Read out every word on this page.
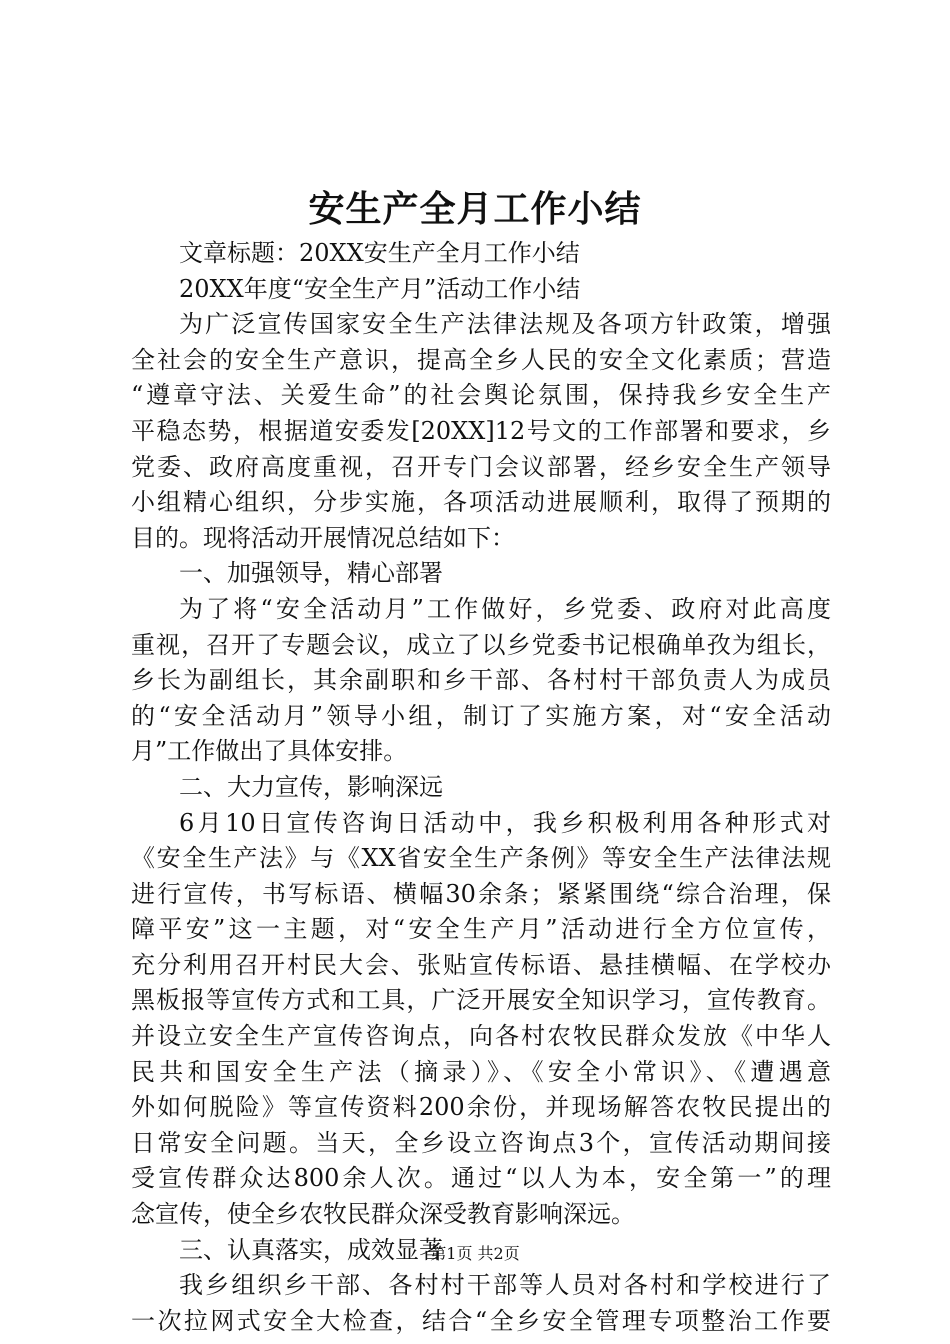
安生产全月工作小结
文章标题：20XX安生产全月工作小结
20XX年度“安全生产月”活动工作小结
为广泛宣传国家安全生产法律法规及各项方针政策，增强
全社会的安全生产意识，提高全乡人民的安全文化素质；营造
“遵章守法、关爱生命”的社会舆论氛围，保持我乡安全生产
平稳态势，根据道安委发[20XX]12号文的工作部署和要求，乡
党委、政府高度重视，召开专门会议部署，经乡安全生产领导
小组精心组织，分步实施，各项活动进展顺利，取得了预期的
目的。现将活动开展情况总结如下：
一、加强领导，精心部署
为了将“安全活动月”工作做好，乡党委、政府对此高度
重视，召开了专题会议，成立了以乡党委书记根确单孜为组长，
乡长为副组长，其余副职和乡干部、各村村干部负责人为成员
的“安全活动月”领导小组，制订了实施方案，对“安全活动
月”工作做出了具体安排。
二、大力宣传，影响深远
6月10日宣传咨询日活动中，我乡积极利用各种形式对
《安全生产法》与《XX省安全生产条例》等安全生产法律法规
进行宣传，书写标语、横幅30余条；紧紧围绕“综合治理，保
障平安”这一主题，对“安全生产月”活动进行全方位宣传，
充分利用召开村民大会、张贴宣传标语、悬挂横幅、在学校办
黑板报等宣传方式和工具，广泛开展安全知识学习，宣传教育。
并设立安全生产宣传咨询点，向各村农牧民群众发放《中华人
民共和国安全生产法（摘录）》、《安全小常识》、《遭遇意
外如何脱险》等宣传资料200余份，并现场解答农牧民提出的
日常安全问题。当天，全乡设立咨询点3个，宣传活动期间接
受宣传群众达800余人次。通过“以人为本，安全第一”的理
念宣传，使全乡农牧民群众深受教育影响深远。
三、认真落实，成效显著
我乡组织乡干部、各村村干部等人员对各村和学校进行了
一次拉网式安全大检查，结合“全乡安全管理专项整治工作要
第1页 共2页
